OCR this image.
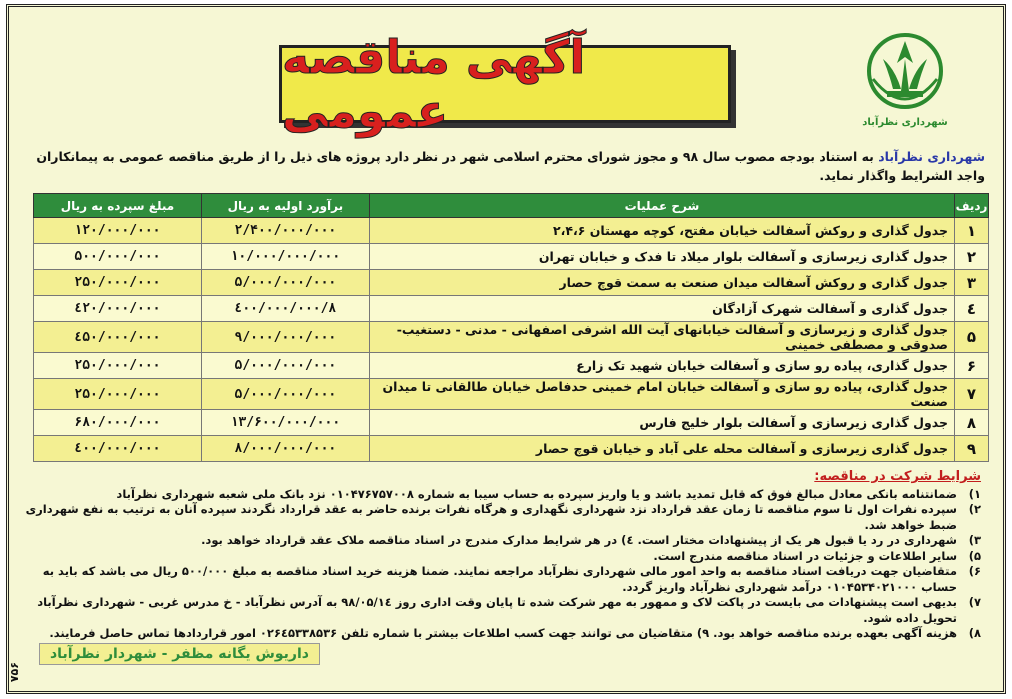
آگهی مناقصه عمومی	شهرداری نظرآباد
شهرداری نظرآباد به استناد بودجه مصوب سال ۹۸ و مجوز شورای محترم اسلامی شهر در نظر دارد پروژه های ذیل را از طریق مناقصه عمومی به پیمانکاران واجد الشرایط واگذار نماید.
ردیف	شرح عملیات	برآورد اولیه به ریال	مبلغ سپرده به ریال
۱	جدول گذاری و روکش آسفالت خیابان مفتح، کوچه مهستان ۲،۴،۶	۲/۴۰۰/۰۰۰/۰۰۰	۱۲۰/۰۰۰/۰۰۰
۲	جدول گذاری زیرسازی و آسفالت بلوار میلاد تا فدک و خیابان تهران	۱۰/۰۰۰/۰۰۰/۰۰۰	۵۰۰/۰۰۰/۰۰۰
۳	جدول گذاری و روکش آسفالت میدان صنعت به سمت قوچ حصار	۵/۰۰۰/۰۰۰/۰۰۰	۲۵۰/۰۰۰/۰۰۰
٤	جدول گذاری و آسفالت شهرک آزادگان	۸/٤۰۰/۰۰۰/۰۰۰	٤۲۰/۰۰۰/۰۰۰
۵	جدول گذاری و زیرسازی و آسفالت خیابانهای آیت الله اشرفی اصفهانی - مدنی - دستغیب- صدوقی و مصطفی خمینی	۹/۰۰۰/۰۰۰/۰۰۰	٤۵۰/۰۰۰/۰۰۰
۶	جدول گذاری، پیاده رو سازی و آسفالت خیابان شهید تک زارع	۵/۰۰۰/۰۰۰/۰۰۰	۲۵۰/۰۰۰/۰۰۰
۷	جدول گذاری، پیاده رو سازی و آسفالت خیابان امام خمینی حدفاصل خیابان طالقانی تا میدان صنعت	۵/۰۰۰/۰۰۰/۰۰۰	۲۵۰/۰۰۰/۰۰۰
۸	جدول گذاری زیرسازی و آسفالت بلوار خلیج فارس	۱۳/۶۰۰/۰۰۰/۰۰۰	۶۸۰/۰۰۰/۰۰۰
۹	جدول گذاری زیرسازی و آسفالت محله علی آباد و خیابان قوچ حصار	۸/۰۰۰/۰۰۰/۰۰۰	٤۰۰/۰۰۰/۰۰۰
شرایط شرکت در مناقصه:
۱)
ضمانتنامه بانکی معادل مبالغ فوق که قابل تمدید باشد و یا واریز سپرده به حساب سیبا به شماره ۰۱۰۴۷۶۷۵۷۰۰۸ نزد بانک ملی شعبه شهرداری نظرآباد
۲)
سپرده نفرات اول تا سوم مناقصه تا زمان عقد قرارداد نزد شهرداری نگهداری و هرگاه نفرات برنده حاضر به عقد قرارداد نگردند سپرده آنان به ترتیب به نفع شهرداری ضبط خواهد شد.
۳)
شهرداری در رد یا قبول هر یک از پیشنهادات مختار است. ٤) در هر شرایط مدارک مندرج در اسناد مناقصه ملاک عقد قرارداد خواهد بود.
۵)
سایر اطلاعات و جزئیات در اسناد مناقصه مندرج است.
۶)
متقاضیان جهت دریافت اسناد مناقصه به واحد امور مالی شهرداری نظرآباد مراجعه نمایند. ضمنا هزینه خرید اسناد مناقصه به مبلغ ۵۰۰/۰۰۰ ریال می باشد که باید به حساب ۰۱۰۴۵۳۴۰۲۱۰۰۰ درآمد شهرداری نظرآباد واریز گردد.
۷)
بدیهی است پیشنهادات می بایست در پاکت لاک و ممهور به مهر شرکت شده تا پایان وقت اداری روز ۹۸/۰۵/۱٤ به آدرس نظرآباد - خ مدرس غربی - شهرداری نظرآباد تحویل داده شود.
۸)
هزینه آگهی بعهده برنده مناقصه خواهد بود. ۹) متقاضیان می توانند جهت کسب اطلاعات بیشتر با شماره تلفن ۰۲۶٤۵۳۳۸۵۳۶ امور قراردادها تماس حاصل فرمایند.
داریوش یگانه مظفر - شهردار نظرآباد
۷۵۶
